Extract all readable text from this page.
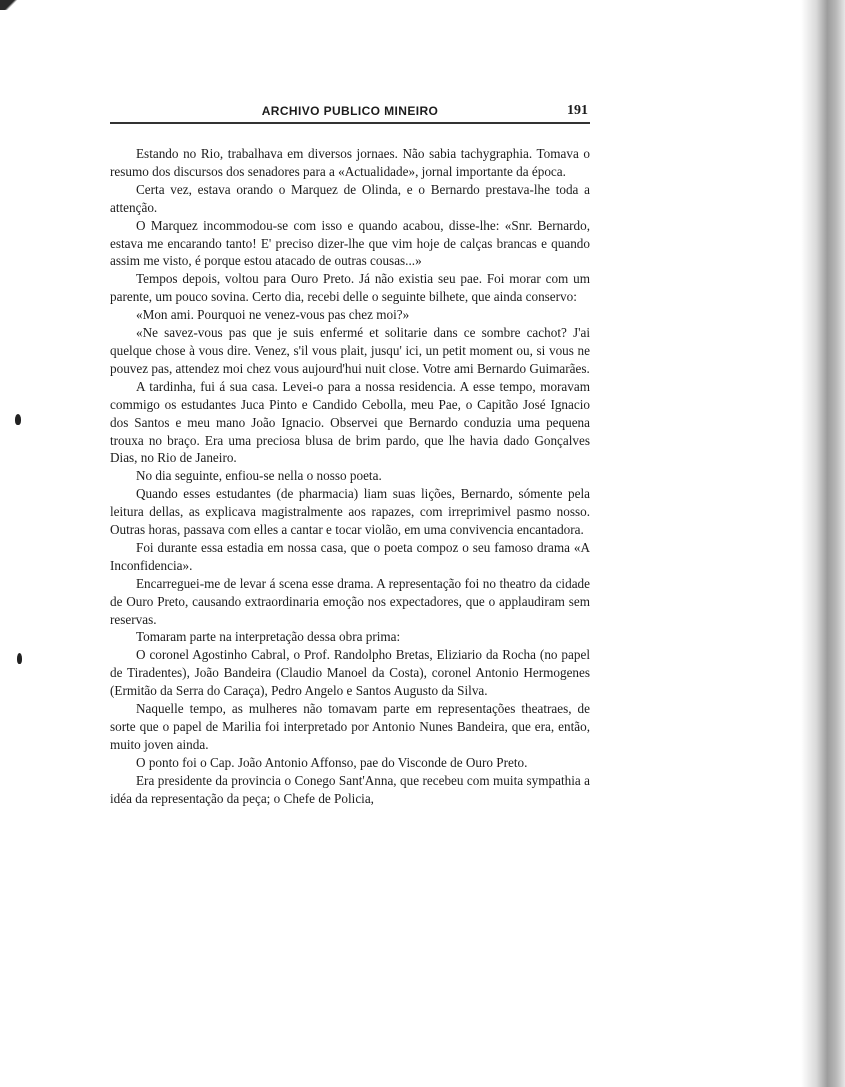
ARCHIVO PUBLICO MINEIRO	191

Estando no Rio, trabalhava em diversos jornaes. Não sabia tachygraphia. Tomava o resumo dos discursos dos senadores para a «Actualidade», jornal importante da época.

Certa vez, estava orando o Marquez de Olinda, e o Bernardo prestava-lhe toda a attenção.

O Marquez incommodou-se com isso e quando acabou, disse-lhe: «Snr. Bernardo, estava me encarando tanto! E' preciso dizer-lhe que vim hoje de calças brancas e quando assim me visto, é porque estou atacado de outras cousas...»

Tempos depois, voltou para Ouro Preto. Já não existia seu pae. Foi morar com um parente, um pouco sovina. Certo dia, recebi delle o seguinte bilhete, que ainda conservo:

«Mon ami. Pourquoi ne venez-vous pas chez moi?»

«Ne savez-vous pas que je suis enfermé et solitarie dans ce sombre cachot? J'ai quelque chose à vous dire. Venez, s'il vous plait, jusqu' ici, un petit moment ou, si vous ne pouvez pas, attendez moi chez vous aujourd'hui nuit close. Votre ami Bernardo Guimarães.

A tardinha, fui á sua casa. Levei-o para a nossa residencia. A esse tempo, moravam commigo os estudantes Juca Pinto e Candido Cebolla, meu Pae, o Capitão José Ignacio dos Santos e meu mano João Ignacio. Observei que Bernardo conduzia uma pequena trouxa no braço. Era uma preciosa blusa de brim pardo, que lhe havia dado Gonçalves Dias, no Rio de Janeiro.

No dia seguinte, enfiou-se nella o nosso poeta.

Quando esses estudantes (de pharmacia) liam suas lições, Bernardo, sómente pela leitura dellas, as explicava magistralmente aos rapazes, com irreprimivel pasmo nosso. Outras horas, passava com elles a cantar e tocar violão, em uma convivencia encantadora.

Foi durante essa estadia em nossa casa, que o poeta compoz o seu famoso drama «A Inconfidencia».

Encarreguei-me de levar á scena esse drama. A representação foi no theatro da cidade de Ouro Preto, causando extraordinaria emoção nos expectadores, que o applaudiram sem reservas.

Tomaram parte na interpretação dessa obra prima:

O coronel Agostinho Cabral, o Prof. Randolpho Bretas, Eliziario da Rocha (no papel de Tiradentes), João Bandeira (Claudio Manoel da Costa), coronel Antonio Hermogenes (Ermitão da Serra do Caraça), Pedro Angelo e Santos Augusto da Silva.

Naquelle tempo, as mulheres não tomavam parte em representações theatraes, de sorte que o papel de Marilia foi interpretado por Antonio Nunes Bandeira, que era, então, muito joven ainda.

O ponto foi o Cap. João Antonio Affonso, pae do Visconde de Ouro Preto.

Era presidente da provincia o Conego Sant'Anna, que recebeu com muita sympathia a idéa da representação da peça; o Chefe de Policia,
